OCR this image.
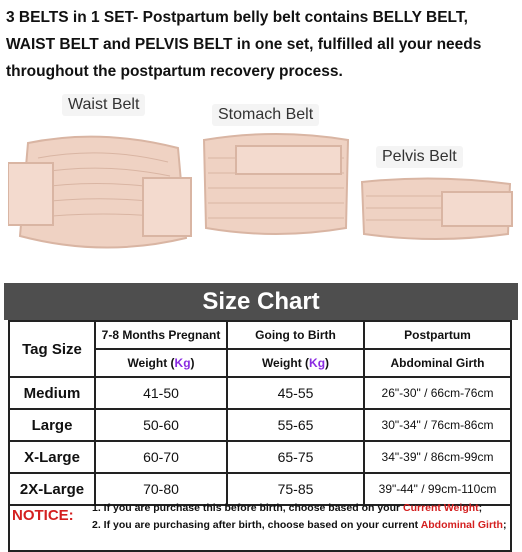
3 BELTS in 1 SET- Postpartum belly belt contains BELLY BELT, WAIST BELT and PELVIS BELT in one set, fulfilled all your needs throughout the postpartum recovery process.
Waist Belt
Stomach Belt
Pelvis Belt
Size Chart
Tag Size	7-8 Months Pregnant	Going to Birth	Postpartum
	Weight (Kg)	Weight (Kg)	Abdominal Girth
Medium	41-50	45-55	26"-30" / 66cm-76cm
Large	50-60	55-65	30"-34" / 76cm-86cm
X-Large	60-70	65-75	34"-39" / 86cm-99cm
2X-Large	70-80	75-85	39"-44" / 99cm-110cm

NOTICE: 1. If you are purchase this before birth, choose based on your Current Weight;
2. If you are purchasing after birth, choose based on your current Abdominal Girth;
